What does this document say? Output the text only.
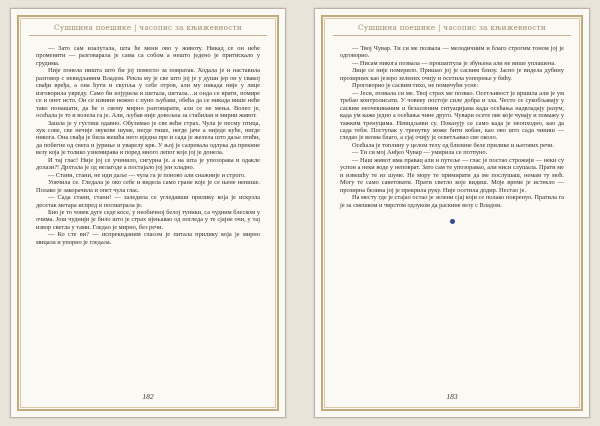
Сушшина поешике | часопис за књижевности

— Зато сам изалутала, шта ће мени ово у животу. Никад се он неће променити — разговарала је сама са собом а нешто једено је притискало у грудима.

Није понела ништа што би јој помогло за повратак. Ходала је и наставила разговор с невидљивим Владом. Рекла му је све што јој је у души јер он у свакој свађи вређа, а она ћути и скупља у себе отров, али му никада није у лице изговорила увреду. Само би изјурила и шетала, шетала…и онда се врати, помире се и опет исто. Он се извини нежно с пуно љубави, обећа да се никада више неће тако понашати, да ће о свему мирно разговарати, али се не мења. Волео је, осећала је то и волела га је. Али, љубав није довољна за стабилан и мирни живот.

Зашла је у густиш одавно. Обузимао је све већи страх. Чула је песму птица, хук сове, све нечије звукове шуме, негде тише, негде јаче а ниједе кућe, нигде никога. Она свађа је била жешћа него иједна пре и сада је желела што даље отићи, да побегне од свега и јуриње и уварелу крв. У њој је сазревала одлука да прекине везу која је толико узнемирава и поред многo лепог које јој је донела.

И тај глас! Није јој се учинило, сигурна је. а на шта је упозоравa и одакле долази?! Дрхтала је од нелагоде а постајало јој јеи хладно.

— Стани, стани, не иди даље — чула га је поново али снажније и строго.

Уокчила се. Гледала је око себе и видела само гране које је се њене ненише. Полако је закорачила и опет чула глас.

— Сада стани, стани! — заледила се угледавши прилику која је искрзла десетак метара испред и посматрала је.

Био је то човек дуге седе косе, у необичној белој туники, са чудним блеском у очима. Још чуднији је било што је страх ијењавао од погледа у те сјајне очи, у тај извор светла у тами. Гледао је мирно, без речи.

— Ко сте ви? — испрекиданим гласом је питала прилику која је мирно мицала и упорно је гледала.

182
Сушшина поешике | часопис за књижевности

— Твој Чувар. Ти си ме позвала — мелодичним и благо строгим тоном јој је одговорио.

— Нисам никога позвала — прошаптула је збуњена али не више уплашена.

Лице се није померило. Пришао јој је сасвим близу. Јасно је видела дубину прозирних као језеро зелених очију и осетила уопорење у бићу.

Проговорио је сасвим тихо, не помичући усне:

— Јеси, позвала си ме. Твој страх ме позвао. Осетљивост је вршила али је ум требао контролисати. У човеку постоје силе добра и зла. Често се сукобљавају у сасвим неочекиваним и безазленим ситуацијама када осећања надвладају разум, када ум каже једно а осећања чине друго. Чувари осете ове које чувају и помажу у тажким тренуцима. Невидљиви су. Показују се само када је неопходно, као да сада теби. Поступак у тренутку може бити кобан, као ово што сада чиниш — гледао је веома благо, а сјај очију је осветљавао све около.

Осећала је топлину у целом телу од близине беле прилике и његових речи.

— Ти си мој Анђео Чувар — умирила се потпуно.

— Наш живот има правац али и путеље — глас је постао строжији — неки су успон а неки воде у неповрат. Зато сам те упозоравао, али ниси слушала. Прати ме и извешћу те из шуме. Не мору те примирати да ме послушаш, немам ту моћ. Могу те само саветовати. Прати светло које видиш. Моје време је истекло — прозирна белина јој је прекрила руку. Није осетила додир. Нестао је.

На месту где је стајао остао је зелени сјај који се полако покренуо. Пратила га је за смешком и чврстом одлуком да раскине везу с Владом.

183
